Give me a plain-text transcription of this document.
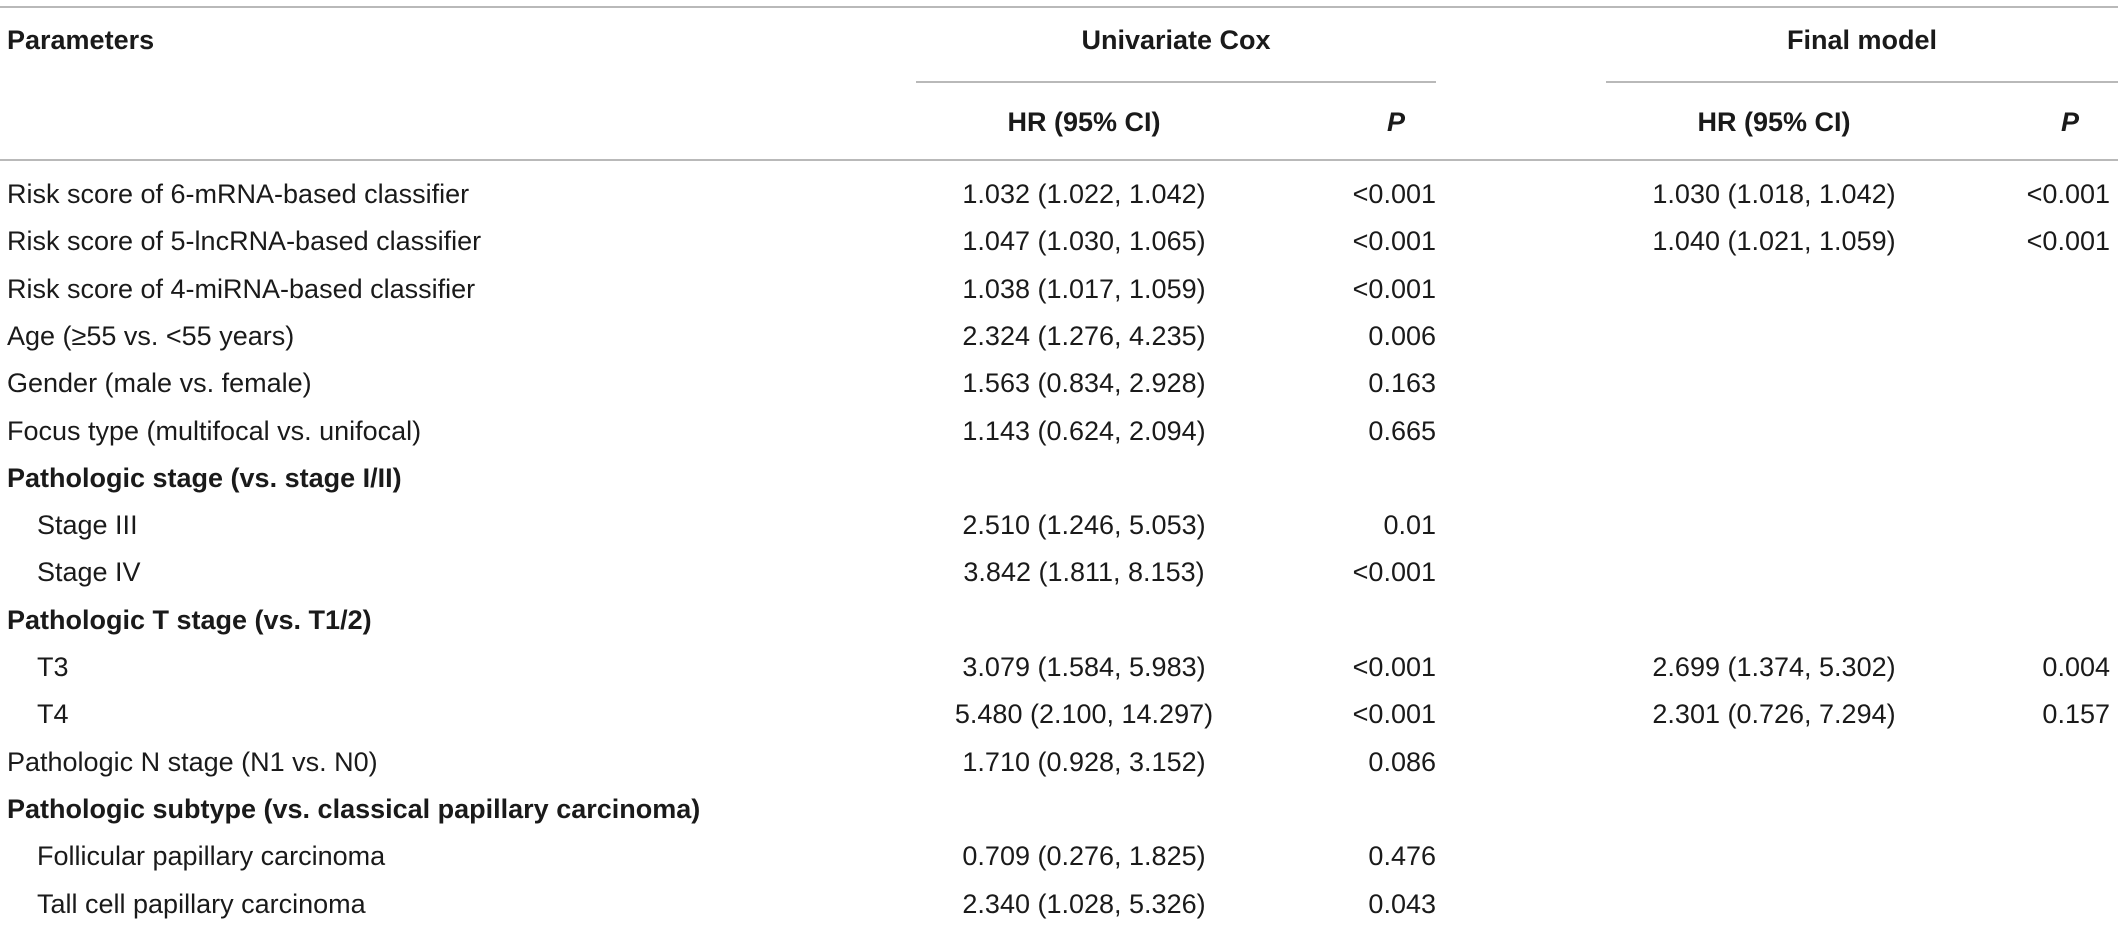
Parameters	Univariate Cox	Final model
HR (95% CI)	P	HR (95% CI)	P
Risk score of 6-mRNA-based classifier	1.032 (1.022, 1.042)	<0.001	1.030 (1.018, 1.042)	<0.001
Risk score of 5-lncRNA-based classifier	1.047 (1.030, 1.065)	<0.001	1.040 (1.021, 1.059)	<0.001
Risk score of 4-miRNA-based classifier	1.038 (1.017, 1.059)	<0.001
Age (≥55 vs. <55 years)	2.324 (1.276, 4.235)	0.006
Gender (male vs. female)	1.563 (0.834, 2.928)	0.163
Focus type (multifocal vs. unifocal)	1.143 (0.624, 2.094)	0.665
Pathologic stage (vs. stage I/II)
Stage III	2.510 (1.246, 5.053)	0.01
Stage IV	3.842 (1.811, 8.153)	<0.001
Pathologic T stage (vs. T1/2)
T3	3.079 (1.584, 5.983)	<0.001	2.699 (1.374, 5.302)	0.004
T4	5.480 (2.100, 14.297)	<0.001	2.301 (0.726, 7.294)	0.157
Pathologic N stage (N1 vs. N0)	1.710 (0.928, 3.152)	0.086
Pathologic subtype (vs. classical papillary carcinoma)
Follicular papillary carcinoma	0.709 (0.276, 1.825)	0.476
Tall cell papillary carcinoma	2.340 (1.028, 5.326)	0.043
